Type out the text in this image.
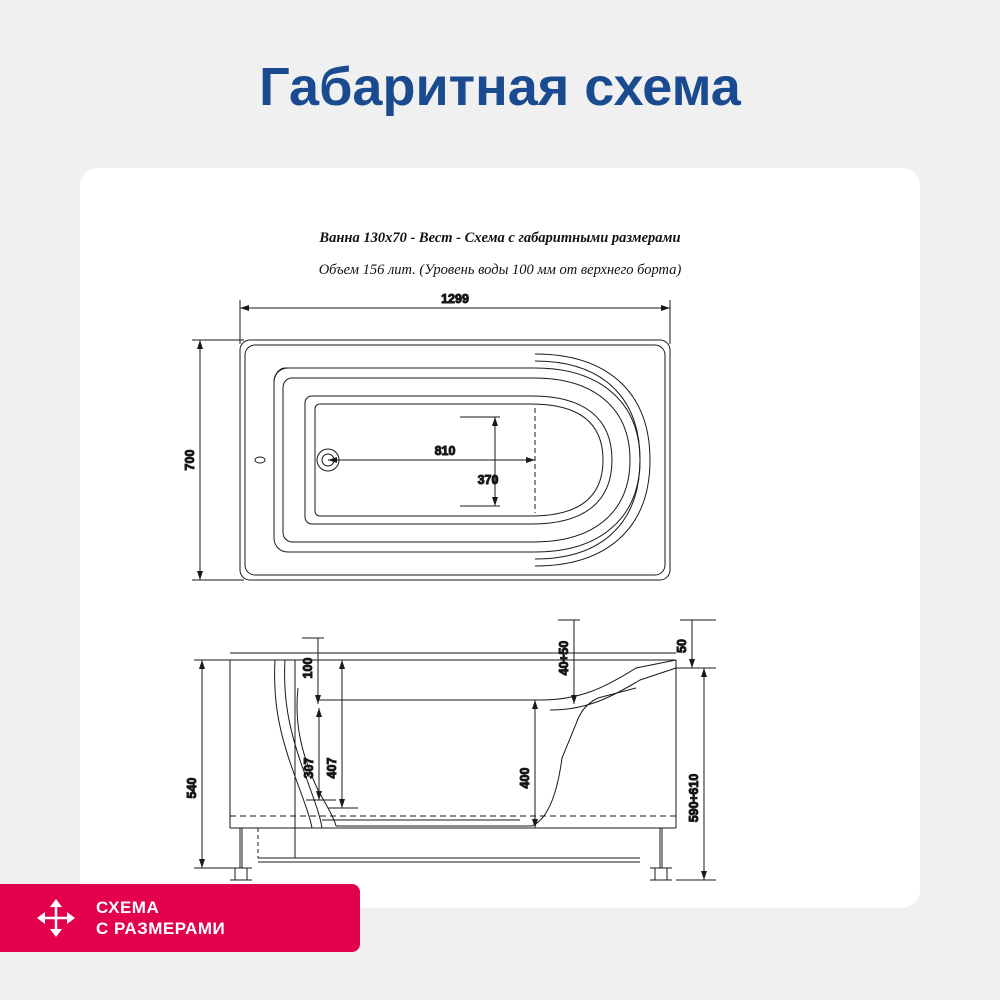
Габаритная схема
Ванна 130х70 - Вест - Схема с габаритными размерами
Объем 156 лит. (Уровень воды 100 мм от верхнего борта)
1299
700	810
370
100
307 407
540	400
40÷50	50
590÷610
СХЕМА
С РАЗМЕРАМИ
